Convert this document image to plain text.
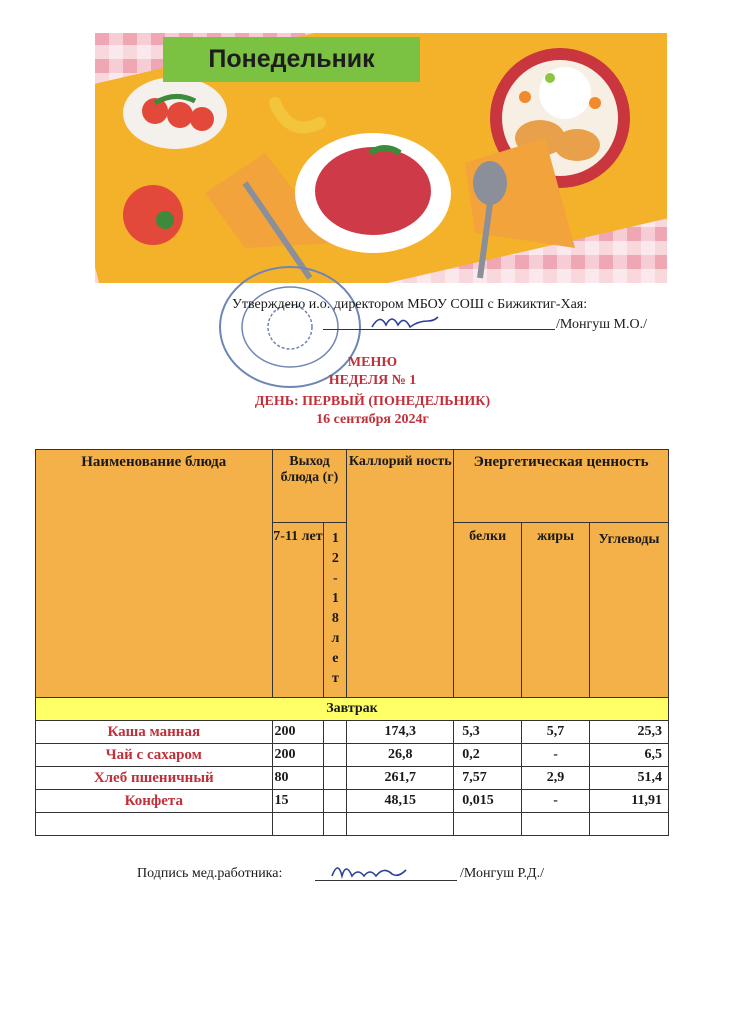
Понедельник
Утверждено и.о. директором МБОУ СОШ с Бижиктиг-Хая:
/Монгуш М.О./
МЕНЮ
НЕДЕЛЯ № 1
ДЕНЬ: ПЕРВЫЙ (ПОНЕДЕЛЬНИК)
16 сентября 2024г
Наименование блюда	Выход блюда (г)		Каллорий ность	Энергетическая ценность		
	7-11 лет	12-18 лет		белки	жиры	Углеводы
Завтрак						
Каша манная	200		174,3	5,3	5,7	25,3
Чай с сахаром	200		26,8	0,2	-	6,5
Хлеб пшеничный	80		261,7	7,57	2,9	51,4
Конфета	15		48,15	0,015	-	11,91

Подпись мед.работника:	/Монгуш Р.Д./
